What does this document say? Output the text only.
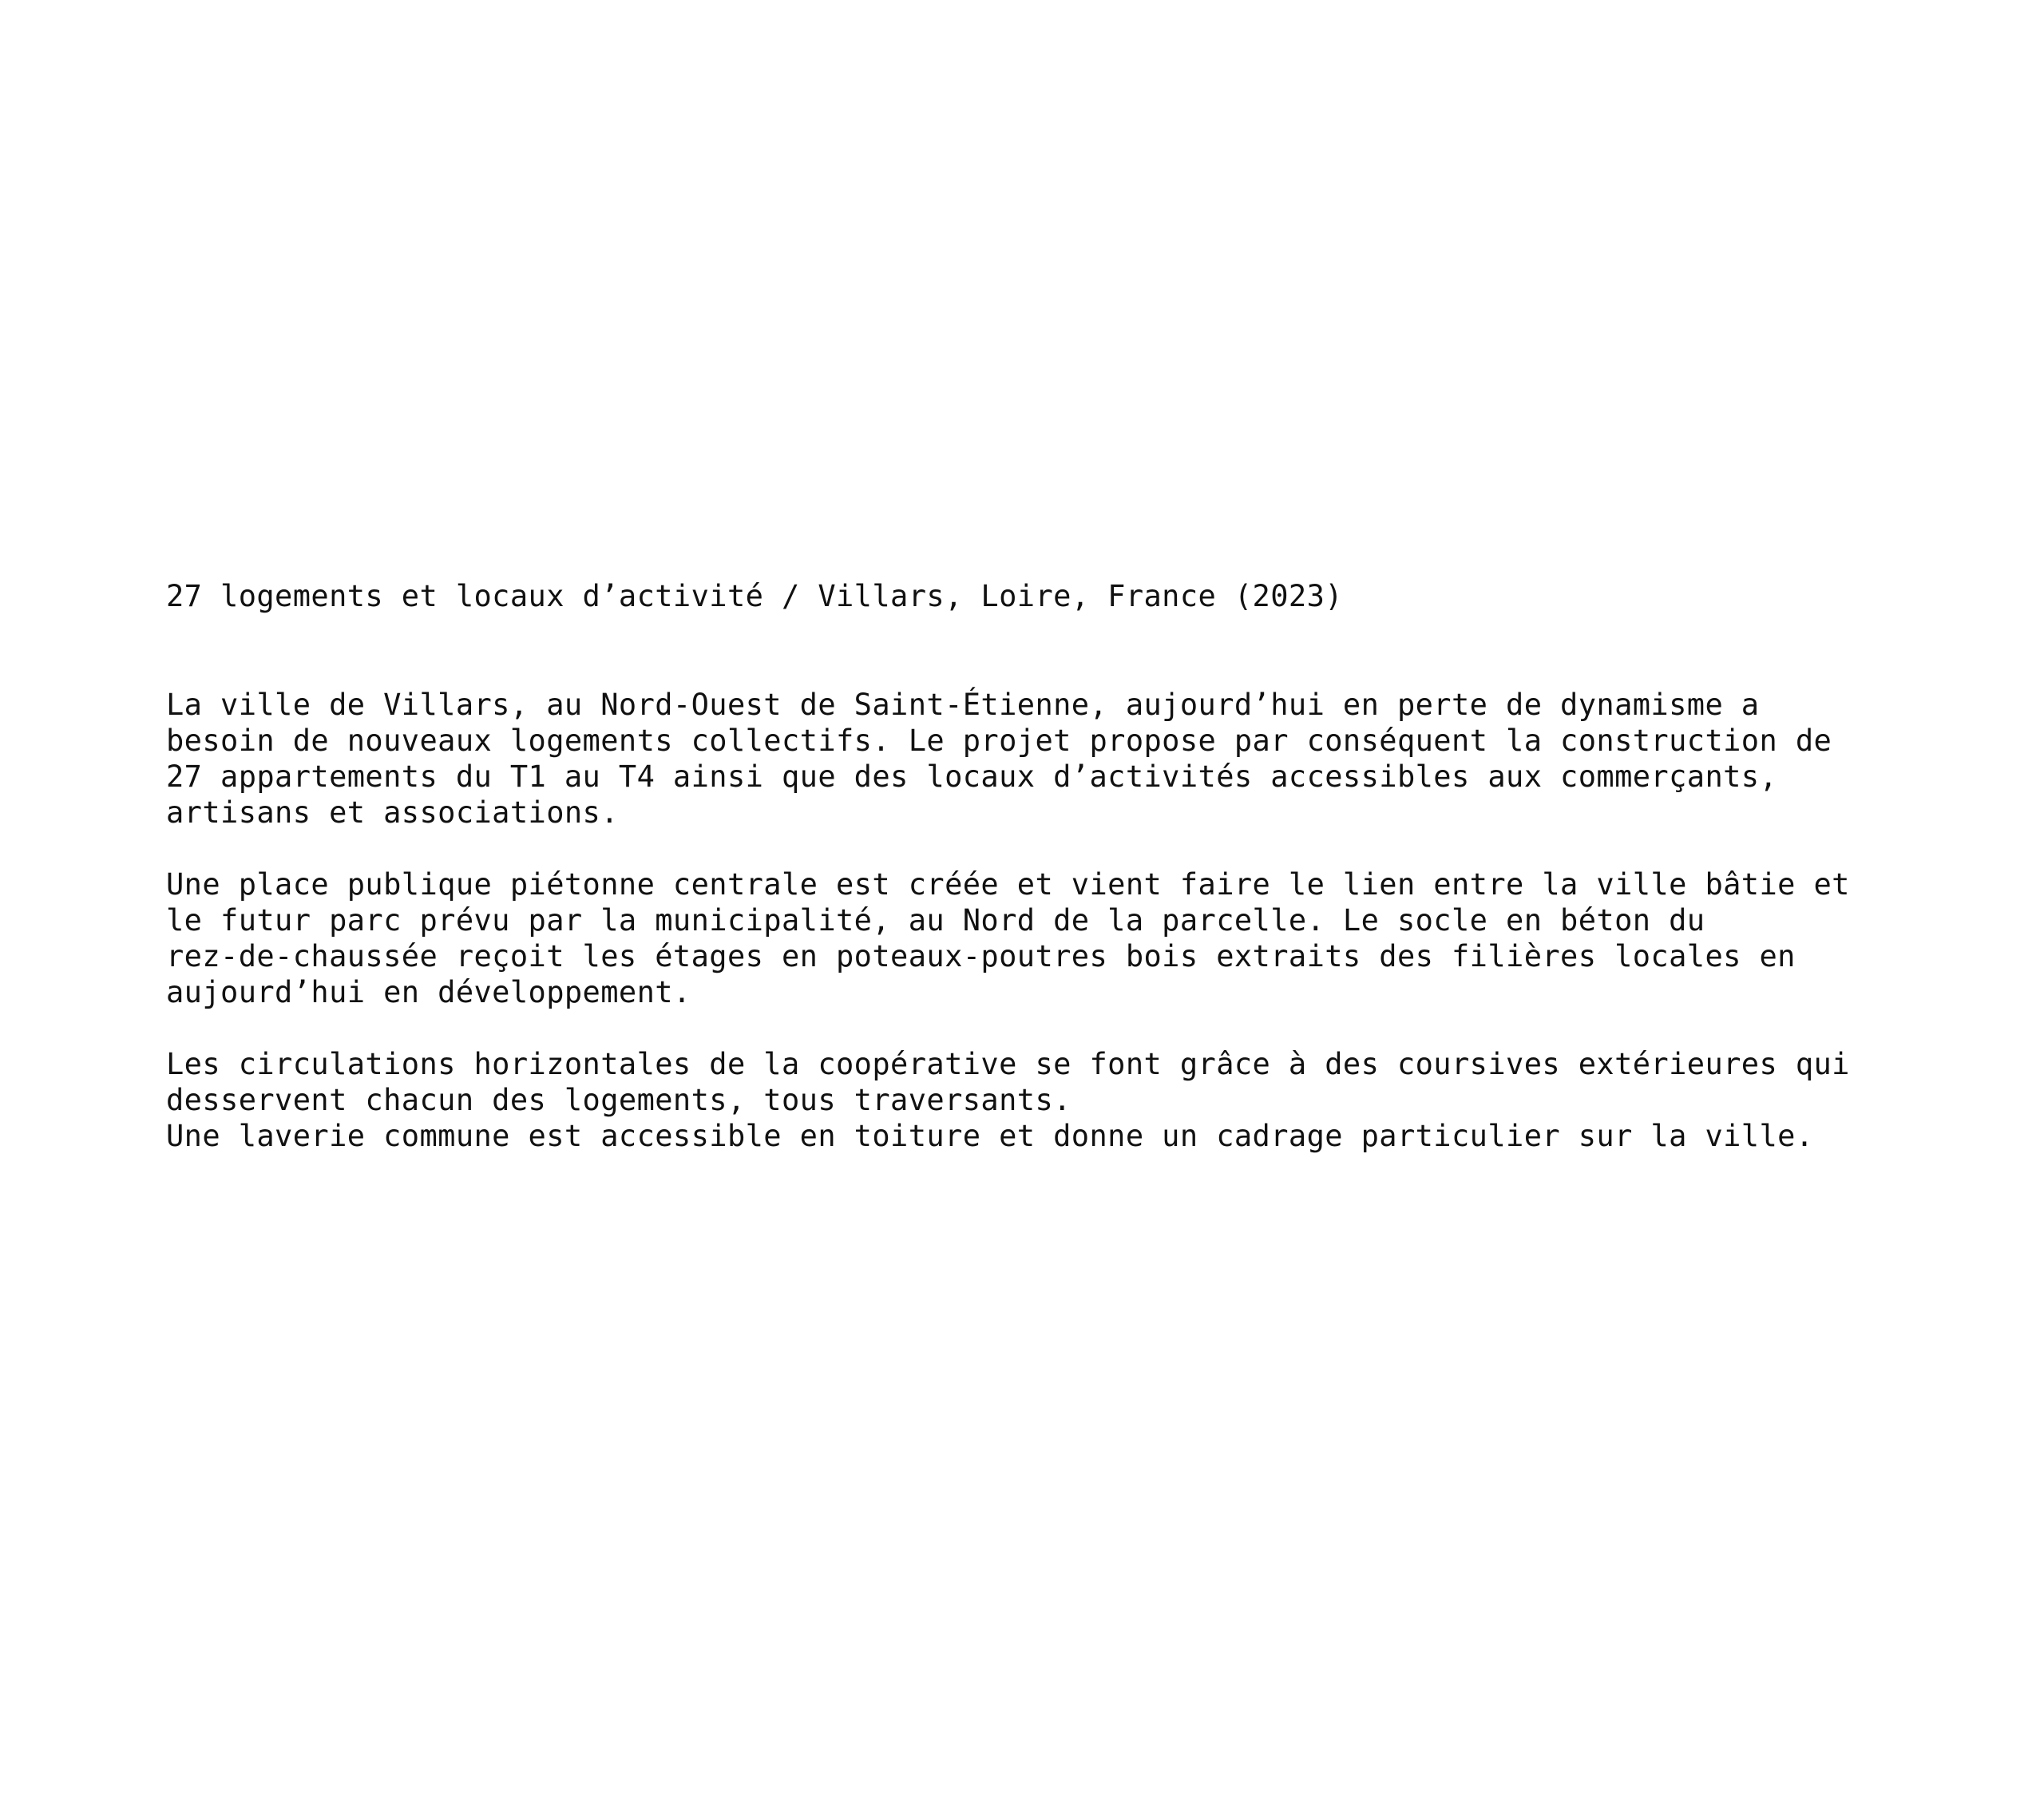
27 logements et locaux d’activité / Villars, Loire, France (2023)
La ville de Villars, au Nord-Ouest de Saint-Étienne, aujourd’hui en perte de dynamisme a
besoin de nouveaux logements collectifs. Le projet propose par conséquent la construction de
27 appartements du T1 au T4 ainsi que des locaux d’activités accessibles aux commerçants,
artisans et associations.
Une place publique piétonne centrale est créée et vient faire le lien entre la ville bâtie et
le futur parc prévu par la municipalité, au Nord de la parcelle. Le socle en béton du
rez-de-chaussée reçoit les étages en poteaux-poutres bois extraits des filières locales en
aujourd’hui en développement.
Les circulations horizontales de la coopérative se font grâce à des coursives extérieures qui
desservent chacun des logements, tous traversants.
Une laverie commune est accessible en toiture et donne un cadrage particulier sur la ville.
